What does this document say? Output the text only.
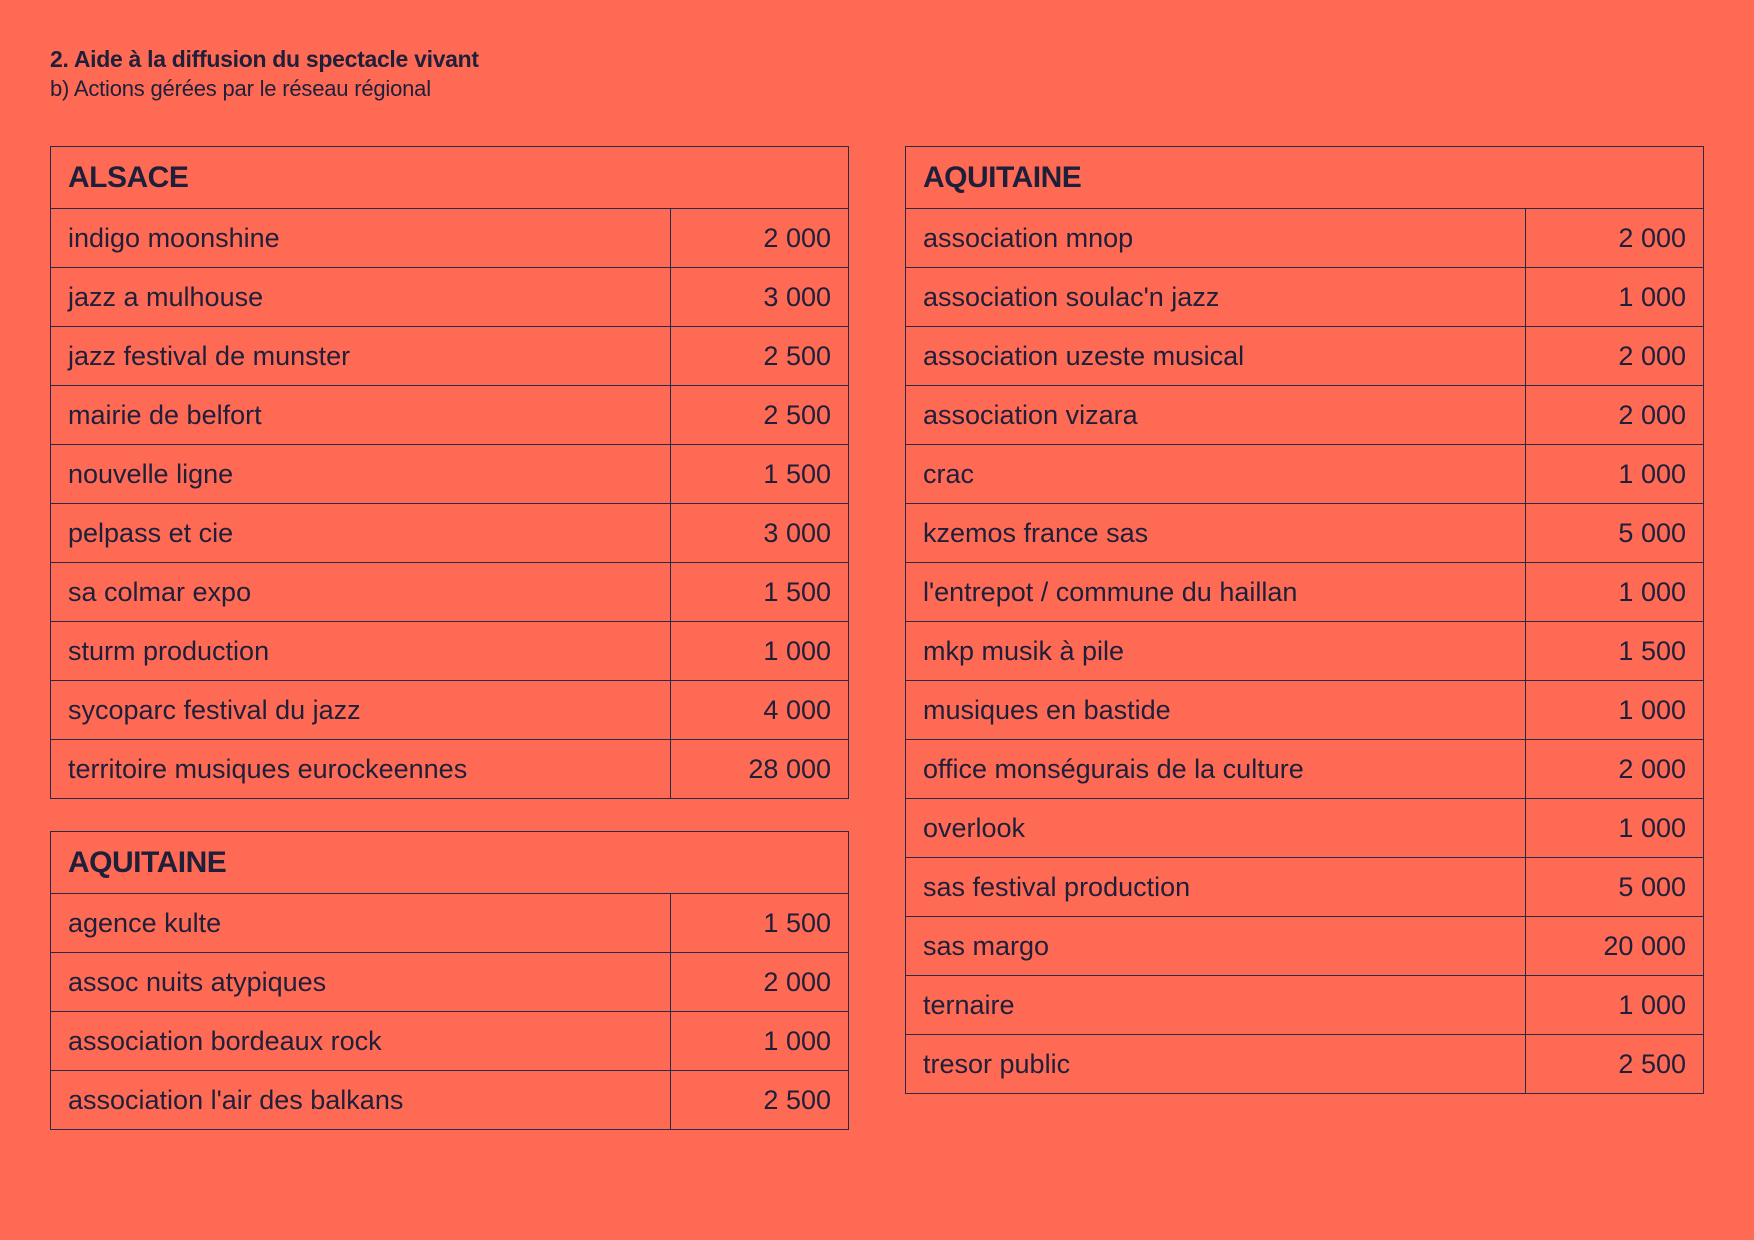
2. Aide à la diffusion du spectacle vivant
b) Actions gérées par le réseau régional
ALSACE	
indigo moonshine	2 000
jazz a mulhouse	3 000
jazz festival de munster	2 500
mairie de belfort	2 500
nouvelle ligne	1 500
pelpass et cie	3 000
sa colmar expo	1 500
sturm production	1 000
sycoparc festival du jazz	4 000
territoire musiques eurockeennes	28 000
AQUITAINE	
agence kulte	1 500
assoc nuits atypiques	2 000
association bordeaux rock	1 000
association l'air des balkans	2 500
AQUITAINE	
association mnop	2 000
association soulac'n jazz	1 000
association uzeste musical	2 000
association vizara	2 000
crac	1 000
kzemos france sas	5 000
l'entrepot / commune du haillan	1 000
mkp musik à pile	1 500
musiques en bastide	1 000
office monségurais de la culture	2 000
overlook	1 000
sas festival production	5 000
sas margo	20 000
ternaire	1 000
tresor public	2 500
